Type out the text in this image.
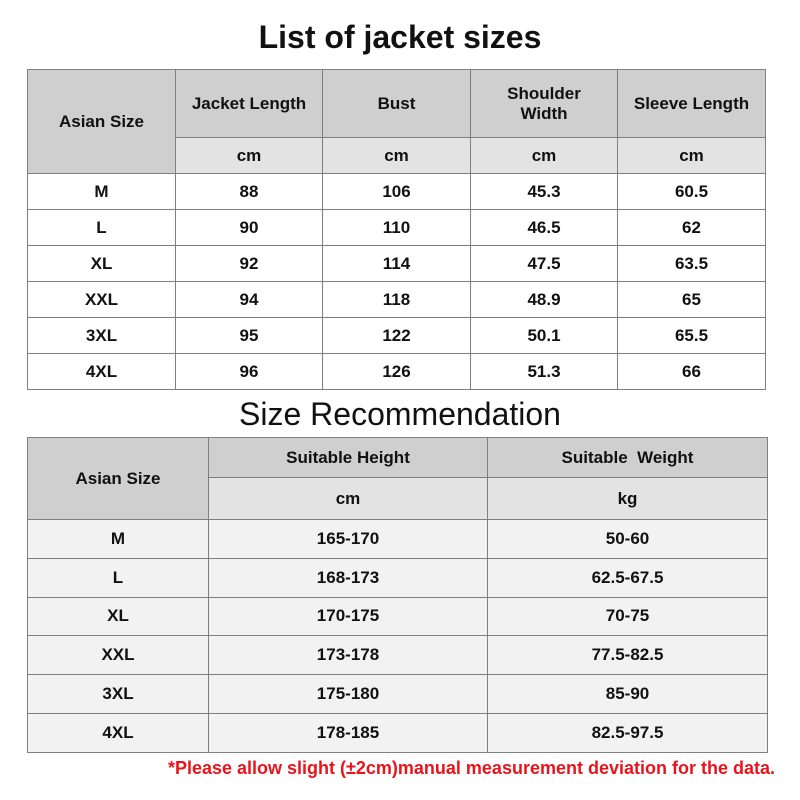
List of jacket sizes
Asian Size	Jacket Length	Bust	Shoulder Width	Sleeve Length
	cm	cm	cm	cm
M	88	106	45.3	60.5
L	90	110	46.5	62
XL	92	114	47.5	63.5
XXL	94	118	48.9	65
3XL	95	122	50.1	65.5
4XL	96	126	51.3	66
Size Recommendation
Asian Size	Suitable Height	Suitable  Weight
	cm	kg
M	165-170	50-60
L	168-173	62.5-67.5
XL	170-175	70-75
XXL	173-178	77.5-82.5
3XL	175-180	85-90
4XL	178-185	82.5-97.5
*Please allow slight (±2cm)manual measurement deviation for the data.
